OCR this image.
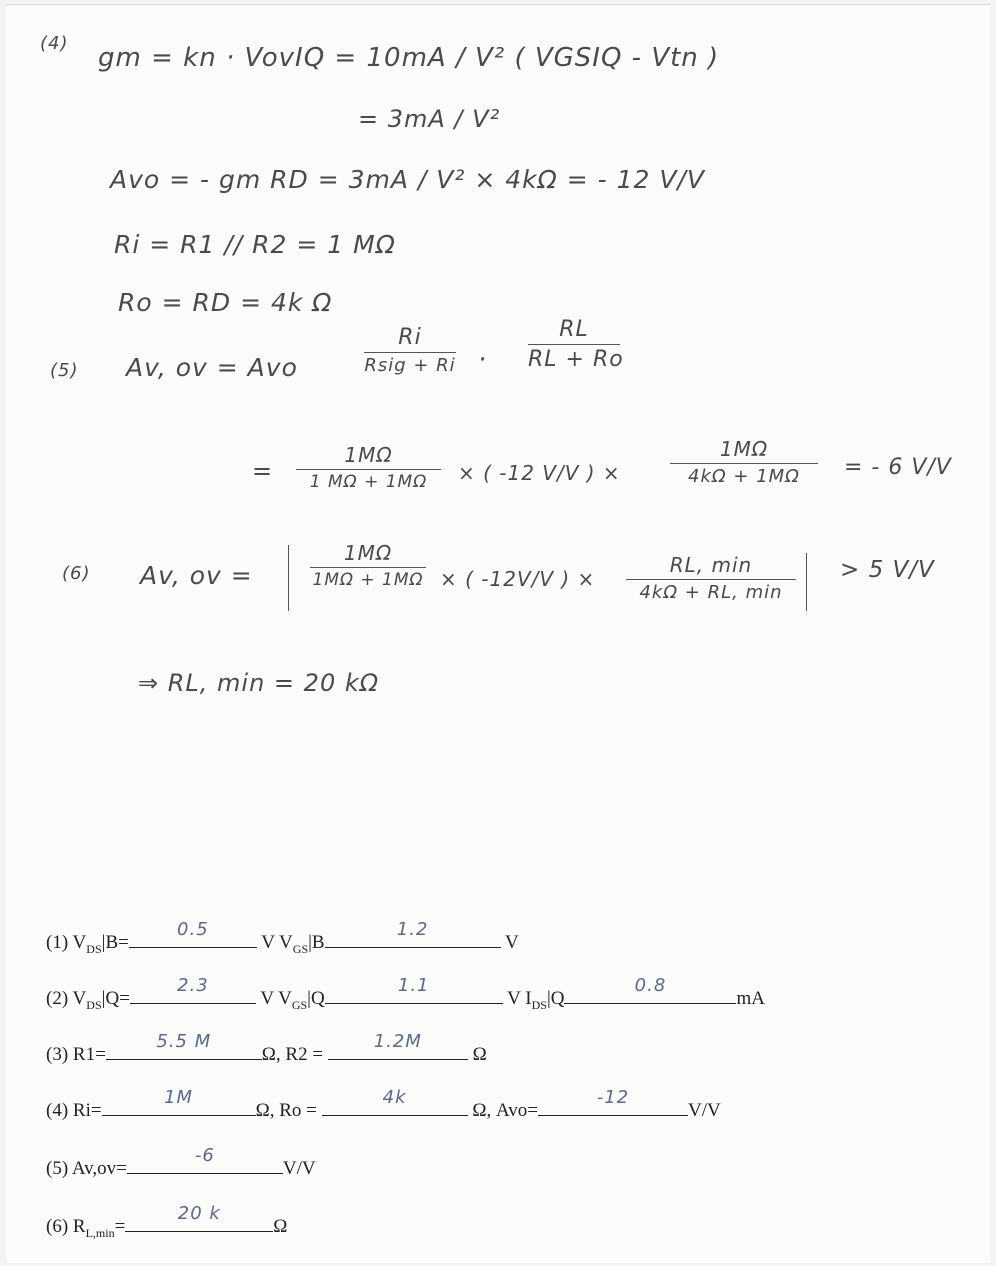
(4) gm = kn · VovIQ = 10mA / V² ( VGSIQ - Vtn )
= 3mA / V²
Avo = - gm RD = 3mA / V² × 4kΩ = - 12 V/V
Ri = R1 // R2 = 1 MΩ
Ro = RD = 4k Ω
(5) Av, ov = Avo
Ri
Rsig + Ri ·
RL
RL + Ro
=
1MΩ
1 MΩ + 1MΩ	× ( -12 V/V ) ×
1MΩ
4kΩ + 1MΩ	= - 6 V/V
(6) Av, ov =
1MΩ
1MΩ + 1MΩ × ( -12V/V ) ×
RL, min
4kΩ + RL, min
> 5 V/V
⇒ RL, min = 20 kΩ
(1) $V_{DS}|B=$
0.5
V $V_{GS}|B$
1.2
V
(2) $V_{DS}|Q=$
2.3
V $V_{GS}|Q$
1.1
V $I_{DS}|Q$
0.8
mA
(3) R1=
5.5 M
Ω, R2 =
1.2M
Ω
(4) Ri=
1M
Ω, Ro =
4k
Ω, Avo=
-12
V/V
(5) Av,ov=
-6
V/V
(6) $R_{L,min}=$
20 k
Ω
